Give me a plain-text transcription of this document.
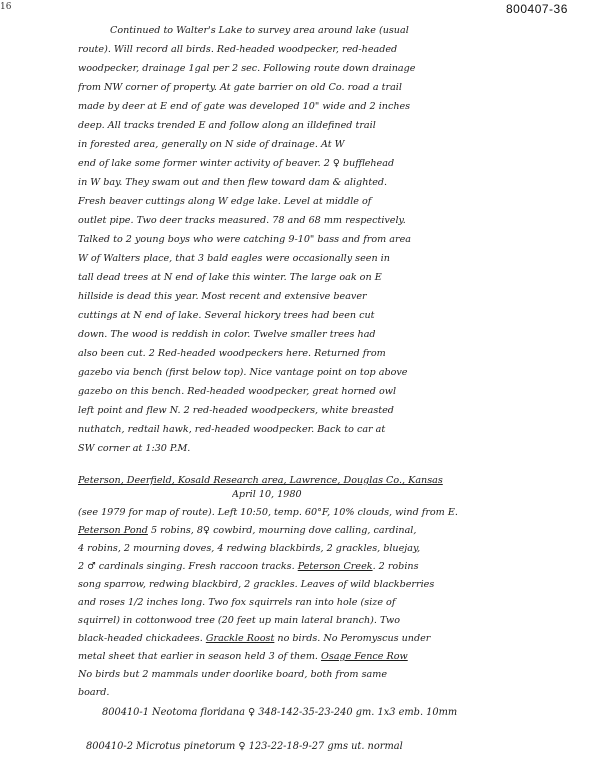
16	800407-36
Continued to Walter's Lake to survey area around lake (usual
route). Will record all birds. Red-headed woodpecker, red-headed
woodpecker, drainage 1gal per 2 sec. Following route down drainage
from NW corner of property. At gate barrier on old Co. road a trail
made by deer at E end of gate was developed 10" wide and 2 inches
deep. All tracks trended E and follow along an illdefined trail
in forested area, generally on N side of drainage. At W
end of lake some former winter activity of beaver. 2 ♀ bufflehead
in W bay. They swam out and then flew toward dam & alighted.
Fresh beaver cuttings along W edge lake. Level at middle of
outlet pipe. Two deer tracks measured. 78 and 68 mm respectively.
Talked to 2 young boys who were catching 9-10" bass and from area
W of Walters place, that 3 bald eagles were occasionally seen in
tall dead trees at N end of lake this winter. The large oak on E
hillside is dead this year. Most recent and extensive beaver
cuttings at N end of lake. Several hickory trees had been cut
down. The wood is reddish in color. Twelve smaller trees had
also been cut. 2 Red-headed woodpeckers here. Returned from
gazebo via bench (first below top). Nice vantage point on top above
gazebo on this bench. Red-headed woodpecker, great horned owl
left point and flew N. 2 red-headed woodpeckers, white breasted
nuthatch, redtail hawk, red-headed woodpecker. Back to car at
SW corner at 1:30 P.M.
Peterson, Deerfield, Kosald Research area, Lawrence, Douglas Co., Kansas
April 10, 1980
(see 1979 for map of route). Left 10:50, temp. 60°F, 10% clouds, wind from E.
Peterson Pond 5 robins, 8♀ cowbird, mourning dove calling, cardinal,
4 robins, 2 mourning doves, 4 redwing blackbirds, 2 grackles, bluejay,
2 ♂ cardinals singing. Fresh raccoon tracks. Peterson Creek. 2 robins
song sparrow, redwing blackbird, 2 grackles. Leaves of wild blackberries
and roses 1/2 inches long. Two fox squirrels ran into hole (size of
squirrel) in cottonwood tree (20 feet up main lateral branch). Two
black-headed chickadees. Grackle Roost no birds. No Peromyscus under
metal sheet that earlier in season held 3 of them. Osage Fence Row
No birds but 2 mammals under doorlike board, both from same
board.
800410-1 Neotoma floridana ♀ 348-142-35-23-240 gm. 1x3 emb. 10mm
800410-2 Microtus pinetorum ♀ 123-22-18-9-27 gms ut. normal
